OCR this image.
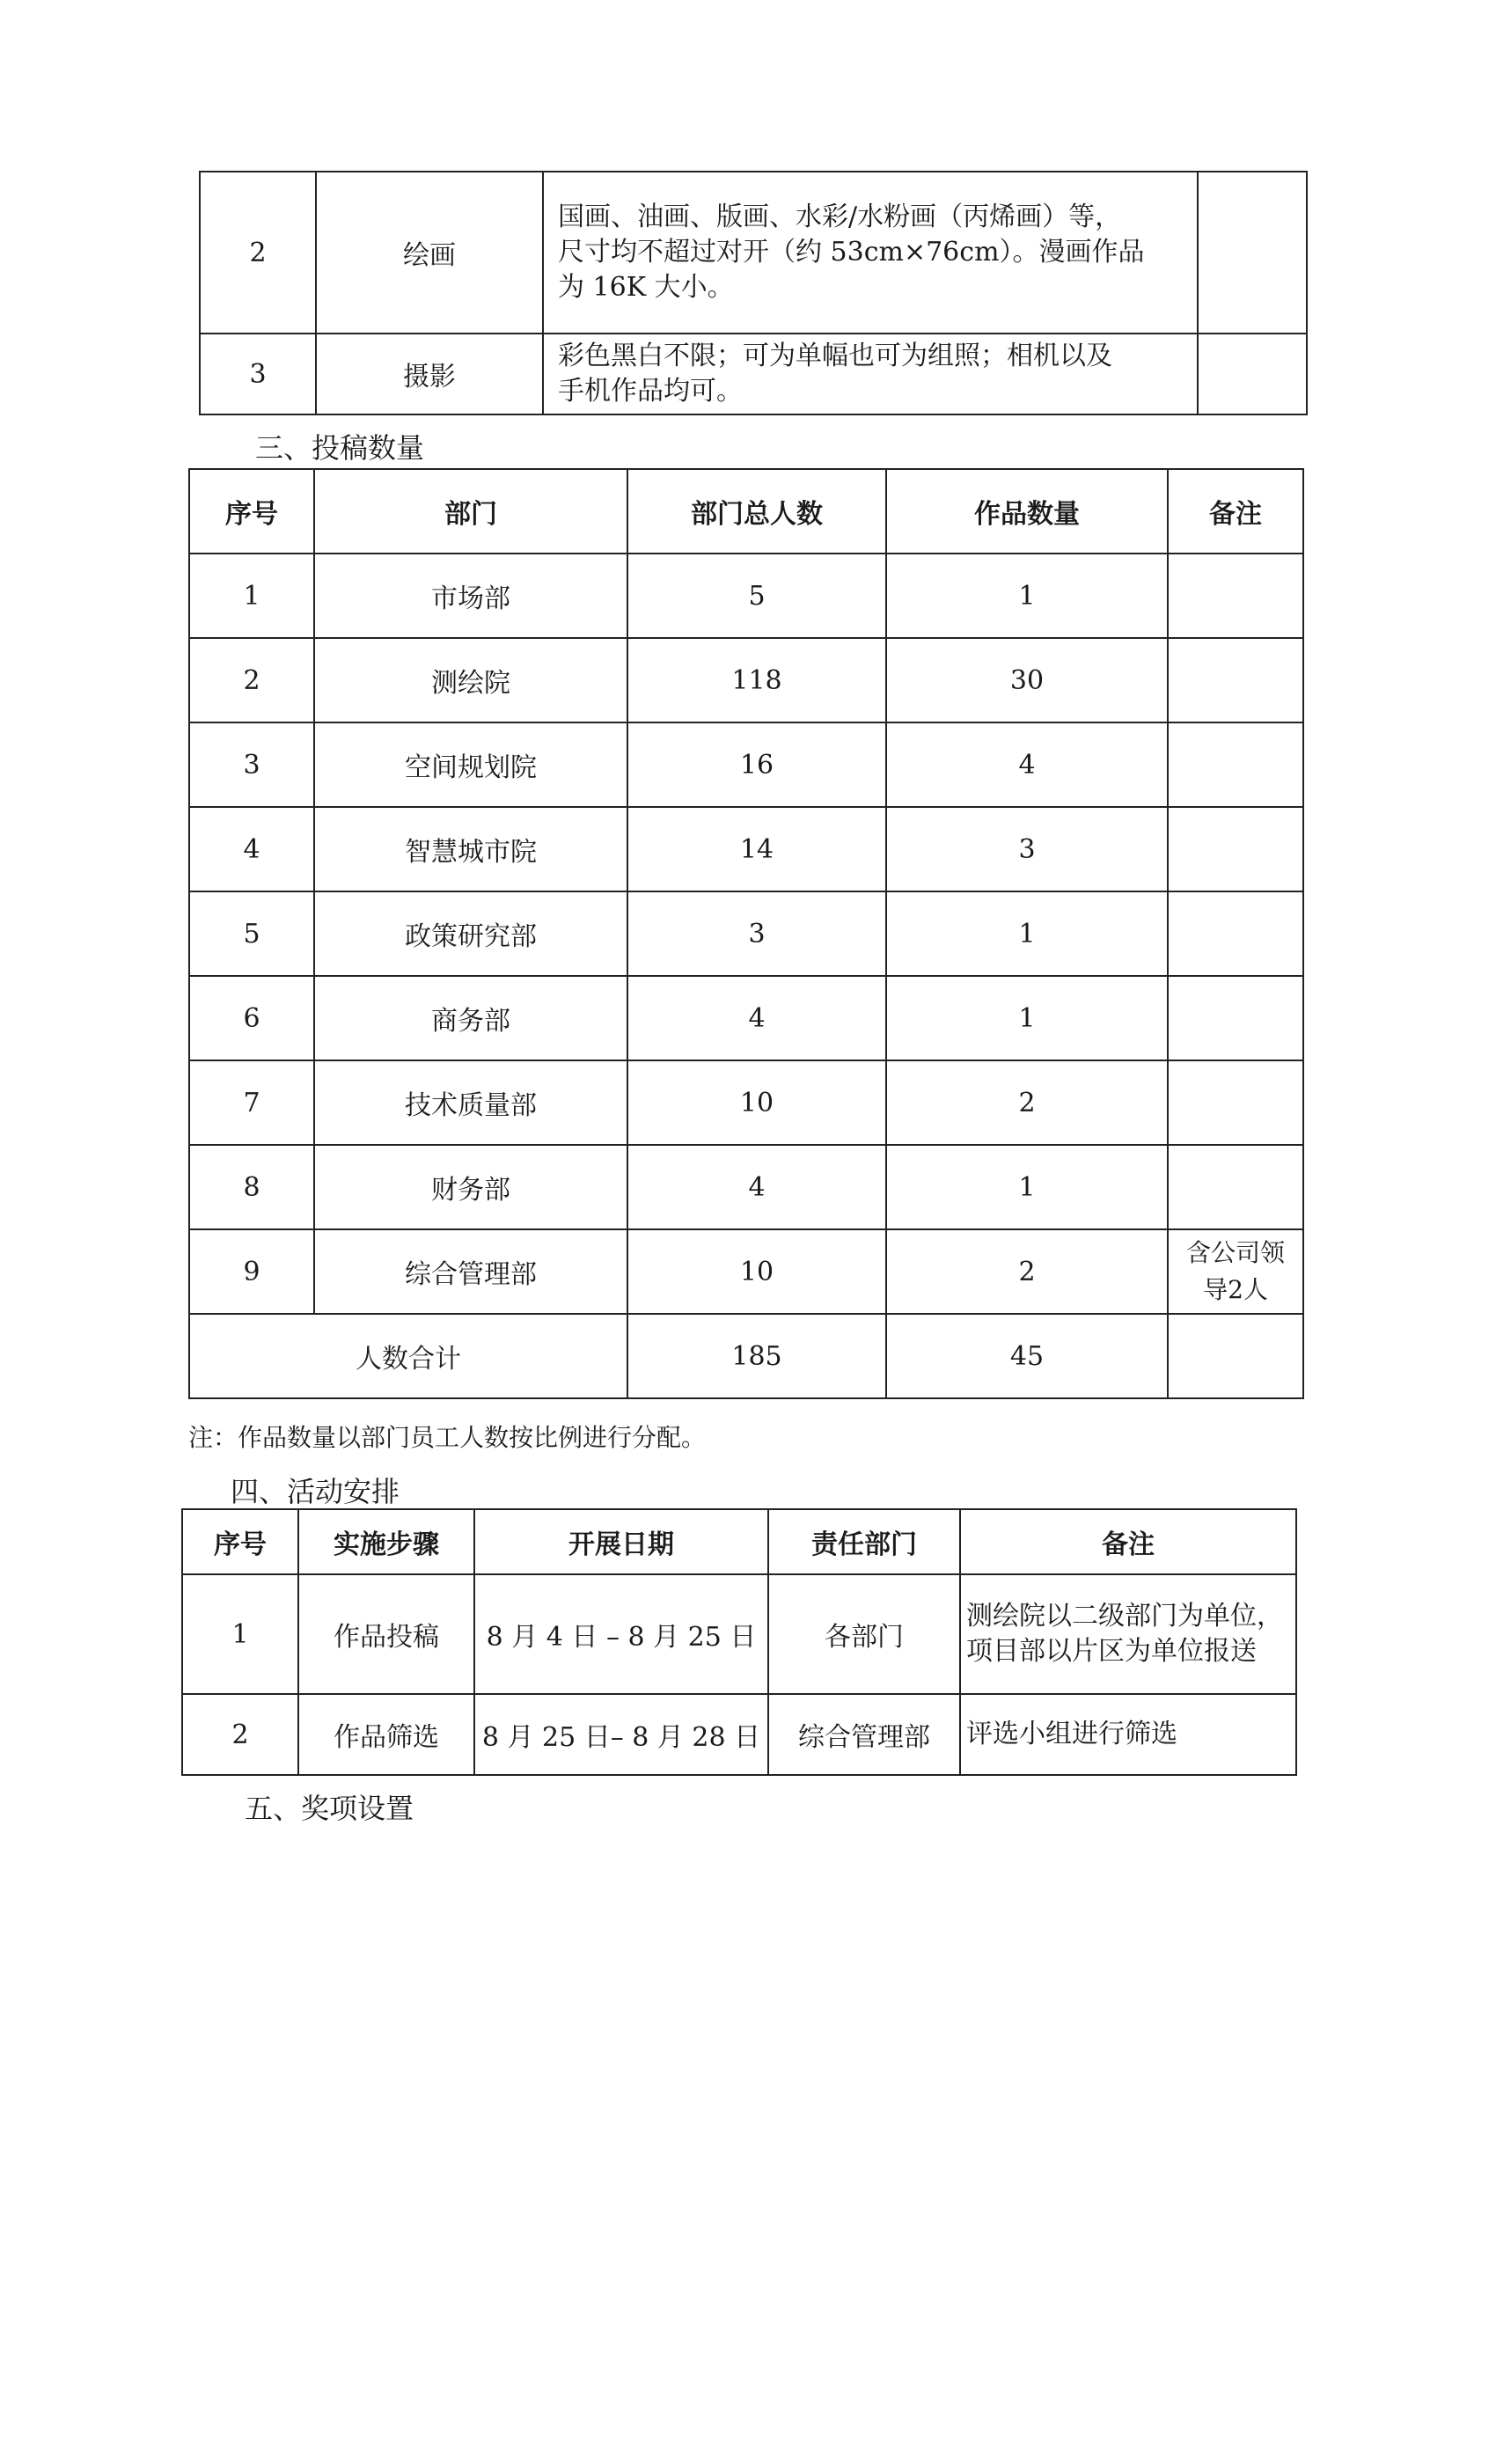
2	绘画	国画、油画、版画、水彩/水粉画（丙烯画）等，
尺寸均不超过对开（约 53cm×76cm）。漫画作品
为 16K 大小。	

3	摄影	彩色黑白不限；可为单幅也可为组照；相机以及
手机作品均可。	

三、投稿数量
序号	部门	部门总人数	作品数量	备注
1	市场部	5	1	
2	测绘院	118	30	
3	空间规划院	16	4	
4	智慧城市院	14	3	
5	政策研究部	3	1	
6	商务部	4	1	
7	技术质量部	10	2	
8	财务部	4	1	
9	综合管理部	10	2	含公司领导2人
人数合计		185	45	
注：作品数量以部门员工人数按比例进行分配。
四、活动安排
序号	实施步骤	开展日期	责任部门	备注
1	作品投稿	8 月 4 日 – 8 月 25 日	各部门	测绘院以二级部门为单位，项目部以片区为单位报送
2	作品筛选	8 月 25 日– 8 月 28 日	综合管理部	评选小组进行筛选
五、奖项设置
